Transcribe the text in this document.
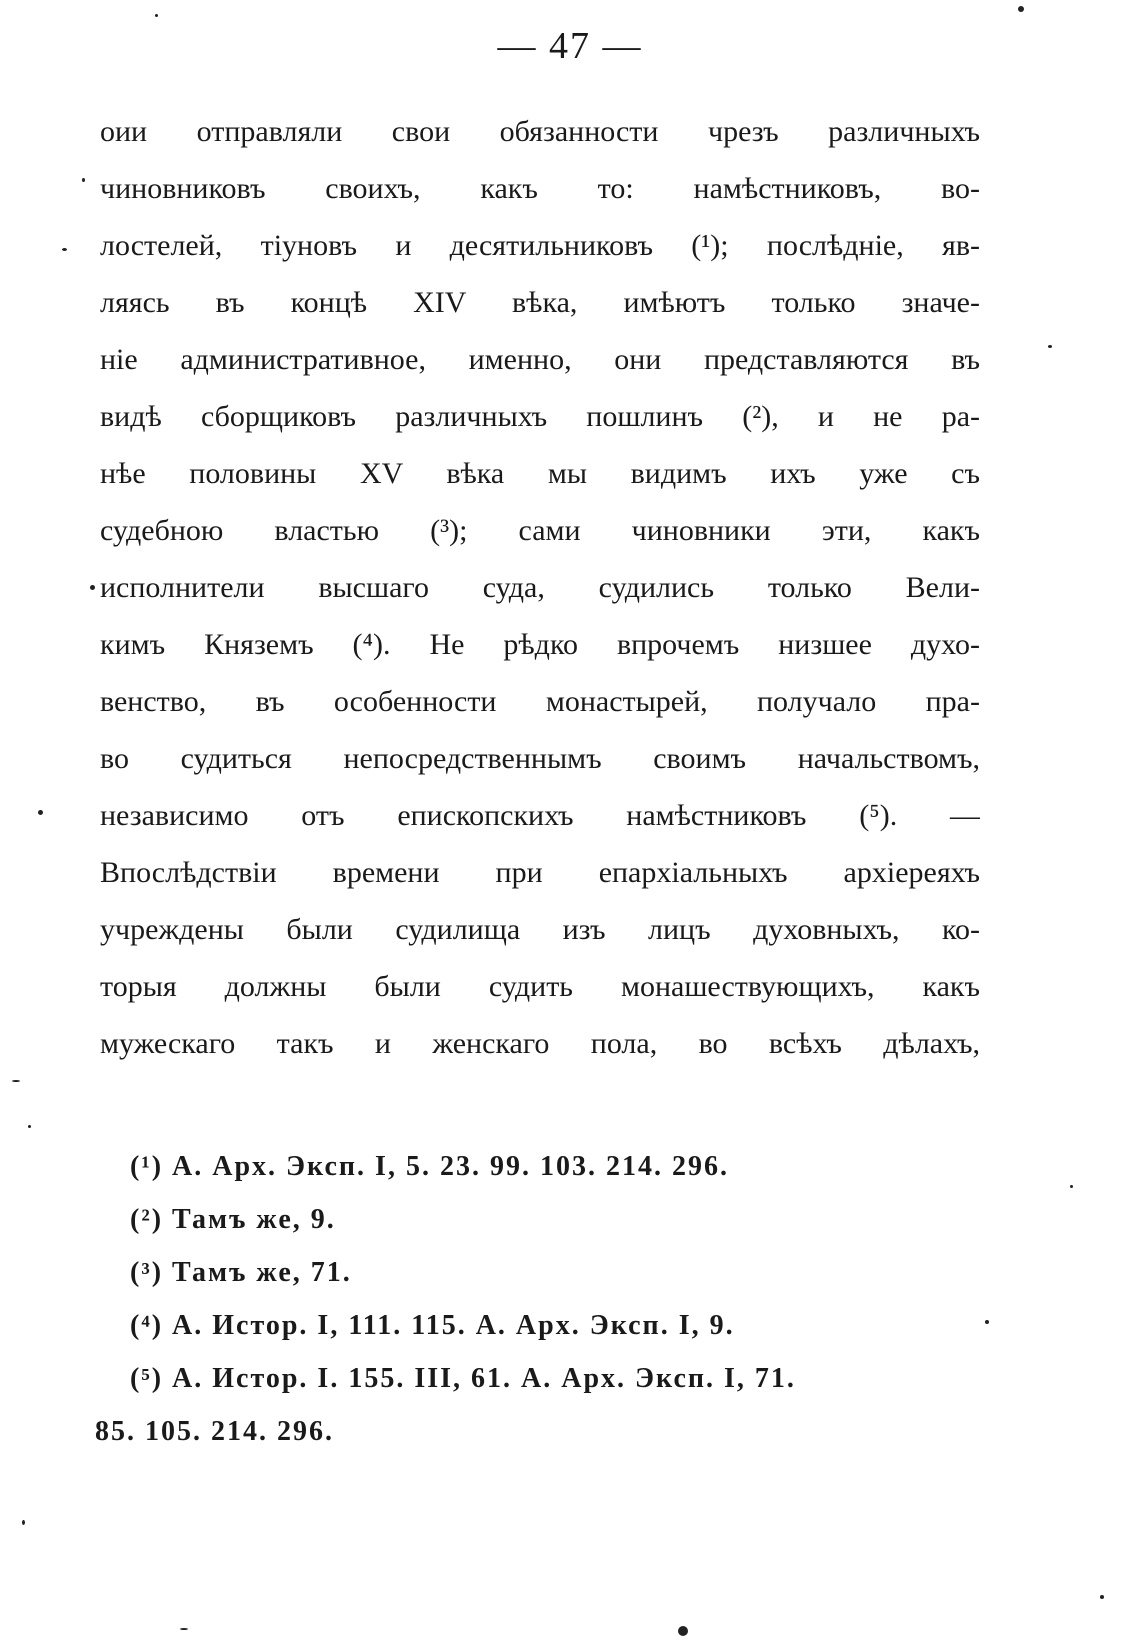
— 47 —
оии отправляли свои обязанности чрезъ различныхъ
чиновниковъ своихъ, какъ то: намѣстниковъ, во-
лостелей, тіуновъ и десятильниковъ (¹); послѣдніе, яв-
ляясь въ концѣ XIV вѣка, имѣютъ только значе-
ніе административное, именно, они представляются въ
видѣ сборщиковъ различныхъ пошлинъ (²), и не ра-
нѣе половины XV вѣка мы видимъ ихъ уже съ
судебною властью (³); сами чиновники эти, какъ
исполнители высшаго суда, судились только Вели-
кимъ Княземъ (⁴). Не рѣдко впрочемъ низшее духо-
венство, въ особенности монастырей, получало пра-
во судиться непосредственнымъ своимъ начальствомъ,
независимо отъ епископскихъ намѣстниковъ (⁵). —
Впослѣдствіи времени при епархіальныхъ архіереяхъ
учреждены были судилища изъ лицъ духовныхъ, ко-
торыя должны были судить монашествующихъ, какъ
мужескаго такъ и женскаго пола, во всѣхъ дѣлахъ,
(¹) А. Арх. Эксп. I, 5. 23. 99. 103. 214. 296.
(²) Тамъ же, 9.
(³) Тамъ же, 71.
(⁴) А. Истор. I, 111. 115. А. Арх. Эксп. I, 9.
(⁵) А. Истор. I. 155. III, 61. А. Арх. Эксп. I, 71.
85. 105. 214. 296.
